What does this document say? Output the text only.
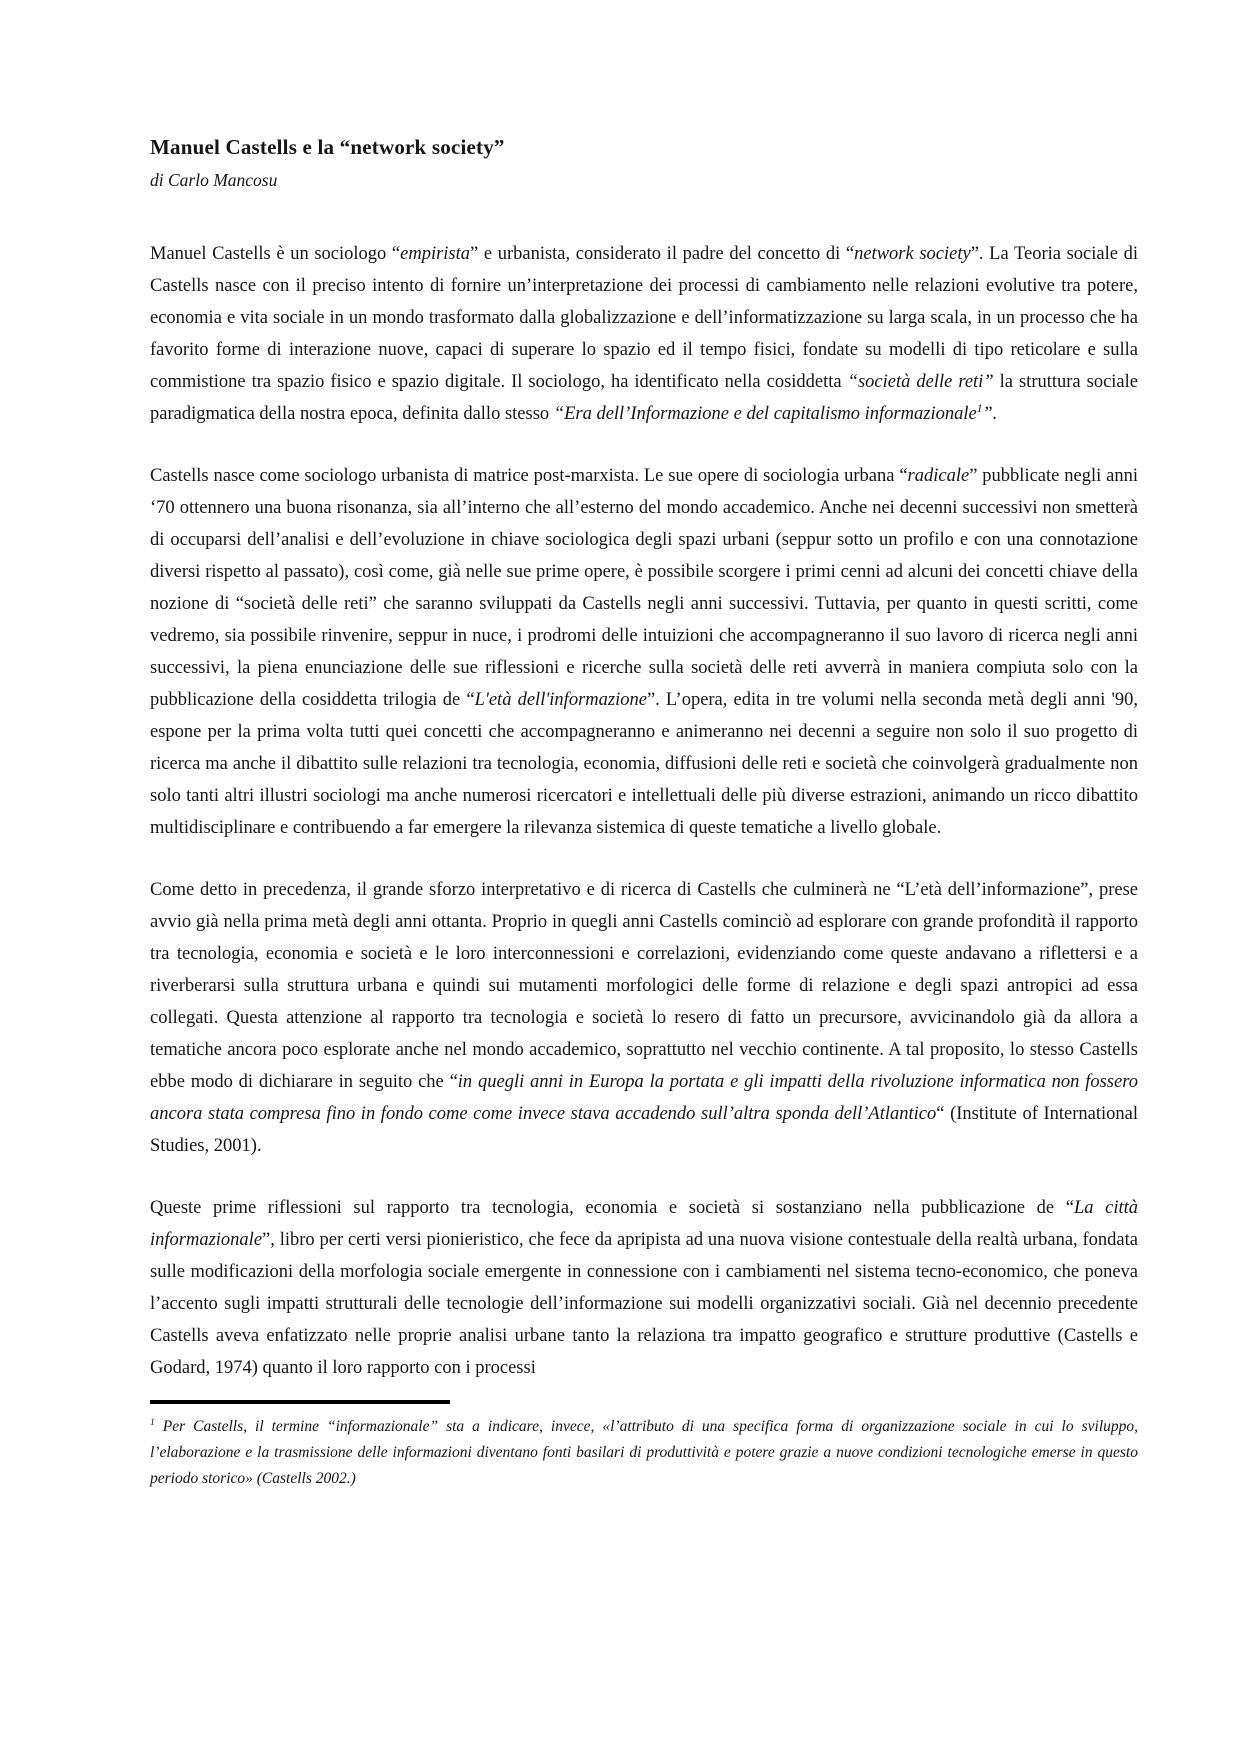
Manuel Castells e la “network society”
di Carlo Mancosu

Manuel Castells è un sociologo “empirista” e urbanista, considerato il padre del concetto di “network society”. La Teoria sociale di Castells nasce con il preciso intento di fornire un’interpretazione dei processi di cambiamento nelle relazioni evolutive tra potere, economia e vita sociale in un mondo trasformato dalla globalizzazione e dell’informatizzazione su larga scala, in un processo che ha favorito forme di interazione nuove, capaci di superare lo spazio ed il tempo fisici, fondate su modelli di tipo reticolare e sulla commistione tra spazio fisico e spazio digitale. Il sociologo, ha identificato nella cosiddetta “società delle reti” la struttura sociale paradigmatica della nostra epoca, definita dallo stesso “Era dell’Informazione e del capitalismo informazionale$^1$”.

Castells nasce come sociologo urbanista di matrice post-marxista. Le sue opere di sociologia urbana “radicale” pubblicate negli anni ‘70 ottennero una buona risonanza, sia all’interno che all’esterno del mondo accademico. Anche nei decenni successivi non smetterà di occuparsi dell’analisi e dell’evoluzione in chiave sociologica degli spazi urbani (seppur sotto un profilo e con una connotazione diversi rispetto al passato), così come, già nelle sue prime opere, è possibile scorgere i primi cenni ad alcuni dei concetti chiave della nozione di “società delle reti” che saranno sviluppati da Castells negli anni successivi. Tuttavia, per quanto in questi scritti, come vedremo, sia possibile rinvenire, seppur in nuce, i prodromi delle intuizioni che accompagneranno il suo lavoro di ricerca negli anni successivi, la piena enunciazione delle sue riflessioni e ricerche sulla società delle reti avverrà in maniera compiuta solo con la pubblicazione della cosiddetta trilogia de “L'età dell'informazione”. L’opera, edita in tre volumi nella seconda metà degli anni '90, espone per la prima volta tutti quei concetti che accompagneranno e animeranno nei decenni a seguire non solo il suo progetto di ricerca ma anche il dibattito sulle relazioni tra tecnologia, economia, diffusioni delle reti e società che coinvolgerà gradualmente non solo tanti altri illustri sociologi ma anche numerosi ricercatori e intellettuali delle più diverse estrazioni, animando un ricco dibattito multidisciplinare e contribuendo a far emergere la rilevanza sistemica di queste tematiche a livello globale.

Come detto in precedenza, il grande sforzo interpretativo e di ricerca di Castells che culminerà ne “L’età dell’informazione”, prese avvio già nella prima metà degli anni ottanta. Proprio in quegli anni Castells cominciò ad esplorare con grande profondità il rapporto tra tecnologia, economia e società e le loro interconnessioni e correlazioni, evidenziando come queste andavano a riflettersi e a riverberarsi sulla struttura urbana e quindi sui mutamenti morfologici delle forme di relazione e degli spazi antropici ad essa collegati. Questa attenzione al rapporto tra tecnologia e società lo resero di fatto un precursore, avvicinandolo già da allora a tematiche ancora poco esplorate anche nel mondo accademico, soprattutto nel vecchio continente. A tal proposito, lo stesso Castells ebbe modo di dichiarare in seguito che “in quegli anni in Europa la portata e gli impatti della rivoluzione informatica non fossero ancora stata compresa fino in fondo come come invece stava accadendo sull’altra sponda dell’Atlantico“ (Institute of International Studies, 2001).

Queste prime riflessioni sul rapporto tra tecnologia, economia e società si sostanziano nella pubblicazione de “La città informazionale”, libro per certi versi pionieristico, che fece da apripista ad una nuova visione contestuale della realtà urbana, fondata sulle modificazioni della morfologia sociale emergente in connessione con i cambiamenti nel sistema tecno-economico, che poneva l’accento sugli impatti strutturali delle tecnologie dell’informazione sui modelli organizzativi sociali. Già nel decennio precedente Castells aveva enfatizzato nelle proprie analisi urbane tanto la relaziona tra impatto geografico e strutture produttive (Castells e Godard, 1974) quanto il loro rapporto con i processi

$^1$ Per Castells, il termine “informazionale” sta a indicare, invece, «l’attributo di una specifica forma di organizzazione sociale in cui lo sviluppo, l’elaborazione e la trasmissione delle informazioni diventano fonti basilari di produttività e potere grazie a nuove condizioni tecnologiche emerse in questo periodo storico» (Castells 2002.)
